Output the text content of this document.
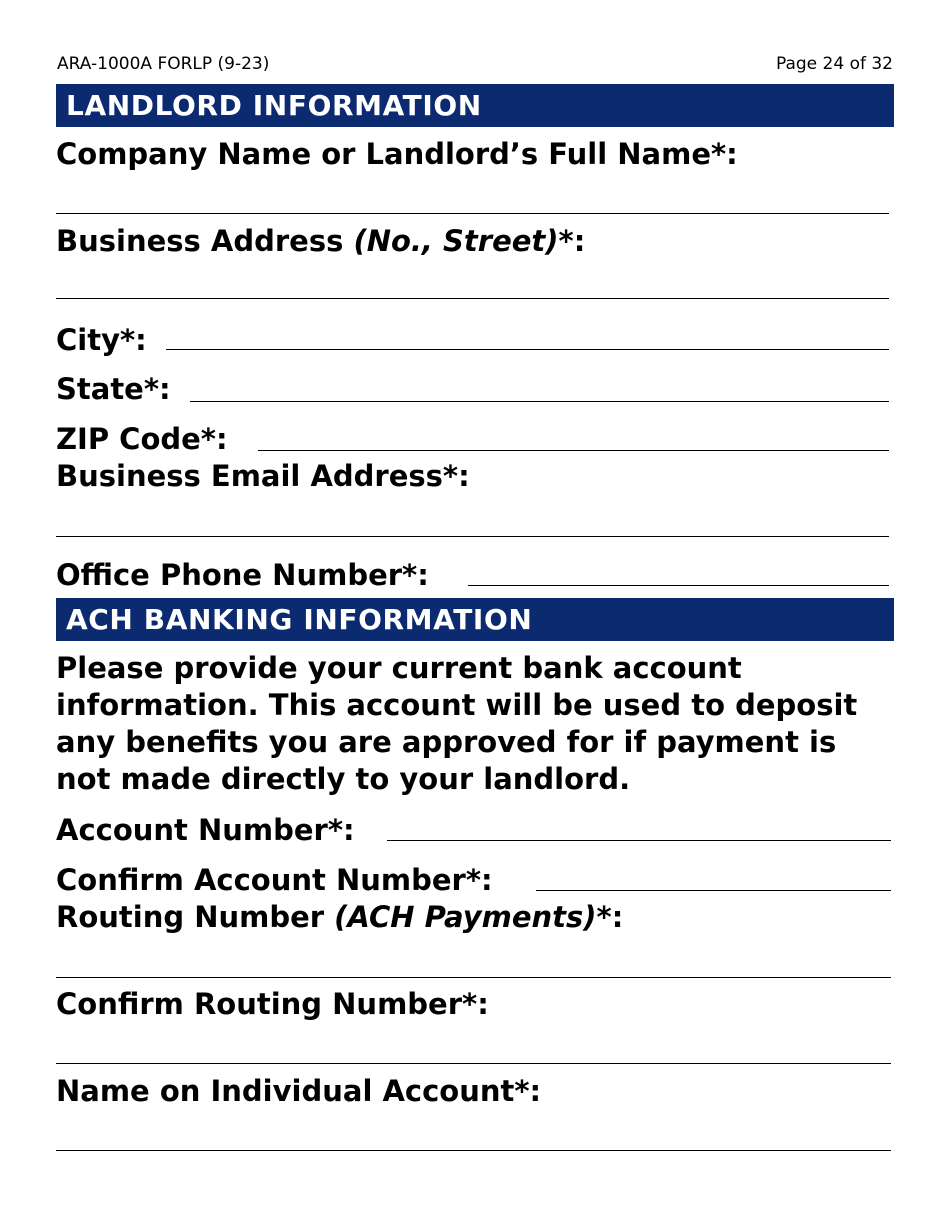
ARA-1000A FORLP (9-23)	Page 24 of 32
LANDLORD INFORMATION
Company Name or Landlord’s Full Name*:
Business Address (No., Street)*:
City*:
State*:
ZIP Code*:
Business Email Address*:
Office Phone Number*:
ACH BANKING INFORMATION
Please provide your current bank account information. This account will be used to deposit any benefits you are approved for if payment is not made directly to your landlord.
Account Number*:
Confirm Account Number*:
Routing Number (ACH Payments)*:
Confirm Routing Number*:
Name on Individual Account*:
